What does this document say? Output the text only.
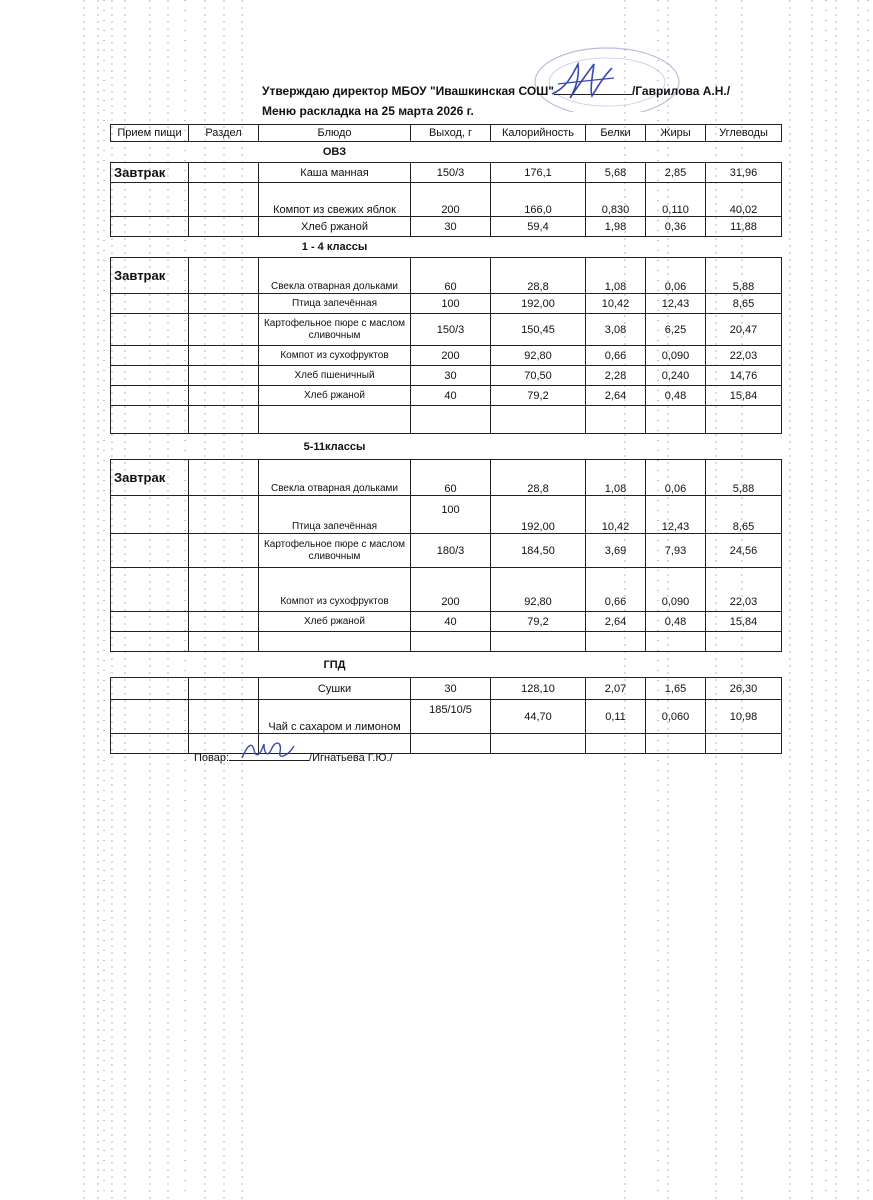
Утверждаю директор МБОУ "Ивашкинская СОШ"	/Гаврилова А.Н./
Меню раскладка на 25 марта 2026 г.
Прием пищи	Раздел	Блюдо	Выход, г	Калорийность	Белки	Жиры	Углеводы
		ОВЗ					
Завтрак		Каша манная	150/3	176,1	5,68	2,85	31,96
		Компот из свежих яблок	200	166,0	0,830	0,110	40,02
		Хлеб ржаной	30	59,4	1,98	0,36	11,88
		1 - 4 классы					
Завтрак		Свекла отварная дольками	60	28,8	1,08	0,06	5,88
		Птица запечённая	100	192,00	10,42	12,43	8,65
		Картофельное пюре с маслом сливочным	150/3	150,45	3,08	6,25	20,47
		Компот из сухофруктов	200	92,80	0,66	0,090	22,03
		Хлеб пшеничный	30	70,50	2,28	0,240	14,76
		Хлеб ржаной	40	79,2	2,64	0,48	15,84

		5-11классы					
Завтрак		Свекла отварная дольками	60	28,8	1,08	0,06	5,88
		Птица запечённая	100	192,00	10,42	12,43	8,65
		Картофельное пюре с маслом сливочным	180/3	184,50	3,69	7,93	24,56
		Компот из сухофруктов	200	92,80	0,66	0,090	22,03
		Хлеб ржаной	40	79,2	2,64	0,48	15,84

		ГПД					
		Сушки	30	128,10	2,07	1,65	26,30
		Чай с сахаром и лимоном	185/10/5	44,70	0,11	0,060	10,98

Повар:	/Игнатьева Г.Ю./
